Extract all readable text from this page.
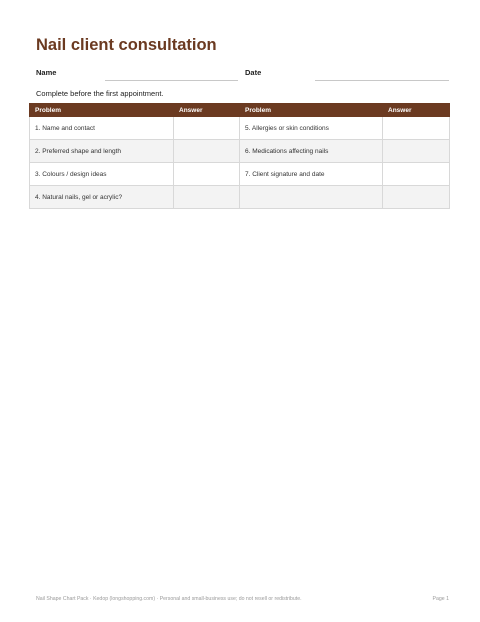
Nail client consultation
Name	Date
Complete before the first appointment.
Problem	Answer	Problem	Answer
1. Name and contact		5. Allergies or skin conditions	
2. Preferred shape and length		6. Medications affecting nails	
3. Colours / design ideas		7. Client signature and date	
4. Natural nails, gel or acrylic?			
Nail Shape Chart Pack · Kedop (longshopping.com) · Personal and small-business use; do not resell or redistribute.	Page 1
